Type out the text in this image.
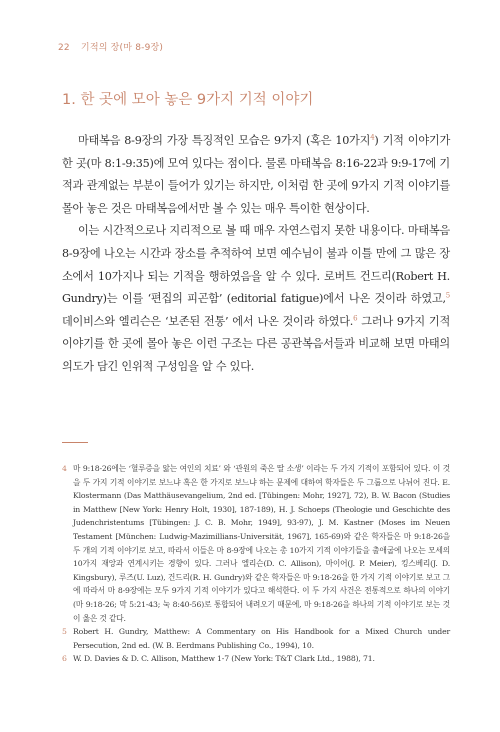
22 기적의 장(마 8-9장)
1. 한 곳에 모아 놓은 9가지 기적 이야기

마태복음 8-9장의 가장 특징적인 모습은 9가지 (혹은 10가지$^4$) 기적 이야기가 한 곳(마 8:1-9:35)에 모여 있다는 점이다. 물론 마태복음 8:16-22과 9:9-17에 기적과 관계없는 부분이 들어가 있기는 하지만, 이처럼 한 곳에 9가지 기적 이야기를 몰아 놓은 것은 마태복음에서만 볼 수 있는 매우 특이한 현상이다.

이는 시간적으로나 지리적으로 볼 때 매우 자연스럽지 못한 내용이다. 마태복음 8-9장에 나오는 시간과 장소를 추적하여 보면 예수님이 불과 이틀 만에 그 많은 장소에서 10가지나 되는 기적을 행하였음을 알 수 있다. 로버트 건드리(Robert H. Gundry)는 이를 ‘편집의 피곤함’ (editorial fatigue)에서 나온 것이라 하였고,$^5$ 데이비스와 엘리슨은 ‘보존된 전통’ 에서 나온 것이라 하였다.$^6$ 그러나 9가지 기적 이야기를 한 곳에 몰아 놓은 이런 구조는 다른 공관복음서들과 비교해 보면 마태의 의도가 담긴 인위적 구성임을 알 수 있다.

4 마 9:18-26에는 ‘혈루증을 앓는 여인의 치료’ 와 ‘관원의 죽은 딸 소생’ 이라는 두 가지 기적이 포함되어 있다. 이 것을 두 가지 기적 이야기로 보느냐 혹은 한 가지로 보느냐 하는 문제에 대하여 학자들은 두 그룹으로 나뉘어 진다. E. Klostermann (Das Matthäusevangelium, 2nd ed. [Tübingen: Mohr, 1927], 72), B. W. Bacon (Studies in Matthew [New York: Henry Holt, 1930], 187-189), H. J. Schoeps (Theologie und Geschichte des Judenchristentums [Tübingen: J. C. B. Mohr, 1949], 93-97), J. M. Kastner (Moses im Neuen Testament [München: Ludwig-Mazimillians-Universität, 1967], 165-69)와 같은 학자들은 마 9:18-26을 두 개의 기적 이야기로 보고, 따라서 이들은 마 8-9장에 나오는 총 10가지 기적 이야기들을 출애굽에 나오는 모세의 10가지 재앙과 연계시키는 경향이 있다. 그러나 엘리슨(D. C. Allison), 마이어(J. P. Meier), 킹스베리(J. D. Kingsbury), 루즈(U. Luz), 건드리(R. H. Gundry)와 같은 학자들은 마 9:18-26을 한 가지 기적 이야기로 보고 그에 따라서 마 8-9장에는 모두 9가지 기적 이야기가 있다고 해석한다. 이 두 가지 사건은 전통적으로 하나의 이야기(마 9:18-26; 막 5:21-43; 눅 8:40-56)로 통합되어 내려오기 때문에, 마 9:18-26을 하나의 기적 이야기로 보는 것이 옳은 것 같다.
5 Robert H. Gundry, Matthew: A Commentary on His Handbook for a Mixed Church under Persecution, 2nd ed. (W. B. Eerdmans Publishing Co., 1994), 10.
6 W. D. Davies & D. C. Allison, Matthew 1-7 (New York: T&T Clark Ltd., 1988), 71.
